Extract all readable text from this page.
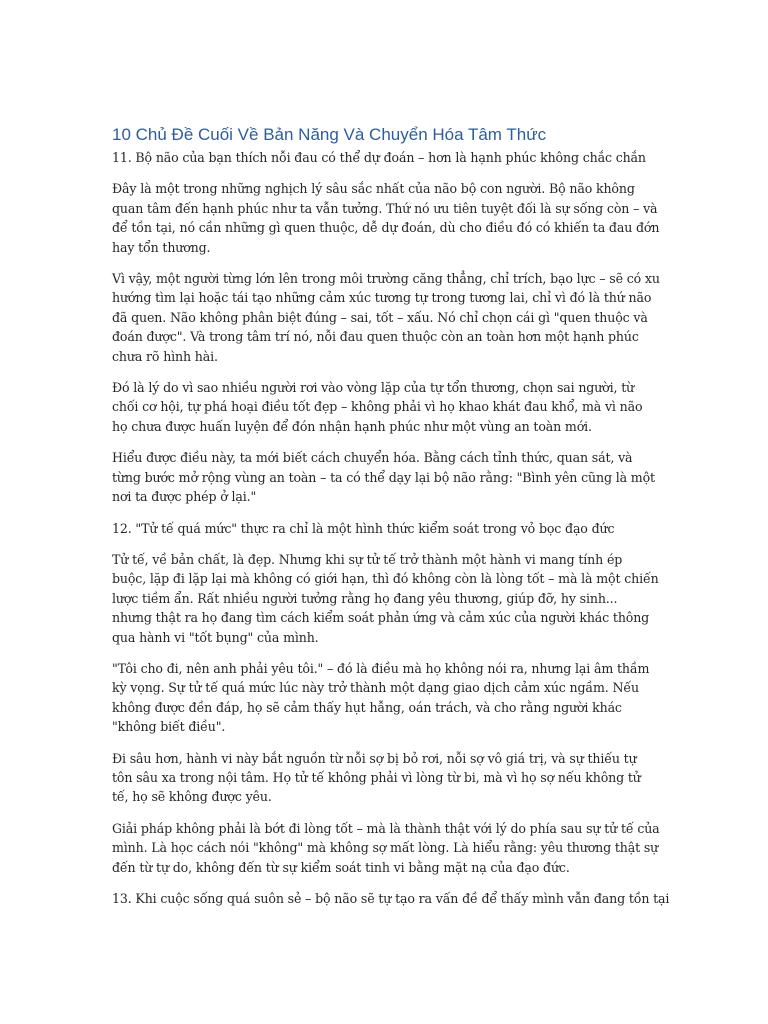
10 Chủ Đề Cuối Về Bản Năng Và Chuyển Hóa Tâm Thức

11. Bộ não của bạn thích nỗi đau có thể dự đoán – hơn là hạnh phúc không chắc chắn

Đây là một trong những nghịch lý sâu sắc nhất của não bộ con người. Bộ não không quan tâm đến hạnh phúc như ta vẫn tưởng. Thứ nó ưu tiên tuyệt đối là sự sống còn – và để tồn tại, nó cần những gì quen thuộc, dễ dự đoán, dù cho điều đó có khiến ta đau đớn hay tổn thương.

Vì vậy, một người từng lớn lên trong môi trường căng thẳng, chỉ trích, bạo lực – sẽ có xu hướng tìm lại hoặc tái tạo những cảm xúc tương tự trong tương lai, chỉ vì đó là thứ não đã quen. Não không phân biệt đúng – sai, tốt – xấu. Nó chỉ chọn cái gì "quen thuộc và đoán được". Và trong tâm trí nó, nỗi đau quen thuộc còn an toàn hơn một hạnh phúc chưa rõ hình hài.

Đó là lý do vì sao nhiều người rơi vào vòng lặp của tự tổn thương, chọn sai người, từ chối cơ hội, tự phá hoại điều tốt đẹp – không phải vì họ khao khát đau khổ, mà vì não họ chưa được huấn luyện để đón nhận hạnh phúc như một vùng an toàn mới.

Hiểu được điều này, ta mới biết cách chuyển hóa. Bằng cách tỉnh thức, quan sát, và từng bước mở rộng vùng an toàn – ta có thể dạy lại bộ não rằng: "Bình yên cũng là một nơi ta được phép ở lại."

12. "Tử tế quá mức" thực ra chỉ là một hình thức kiểm soát trong vỏ bọc đạo đức

Tử tế, về bản chất, là đẹp. Nhưng khi sự tử tế trở thành một hành vi mang tính ép buộc, lặp đi lặp lại mà không có giới hạn, thì đó không còn là lòng tốt – mà là một chiến lược tiềm ẩn. Rất nhiều người tưởng rằng họ đang yêu thương, giúp đỡ, hy sinh... nhưng thật ra họ đang tìm cách kiểm soát phản ứng và cảm xúc của người khác thông qua hành vi "tốt bụng" của mình.

"Tôi cho đi, nên anh phải yêu tôi." – đó là điều mà họ không nói ra, nhưng lại âm thầm kỳ vọng. Sự tử tế quá mức lúc này trở thành một dạng giao dịch cảm xúc ngầm. Nếu không được đền đáp, họ sẽ cảm thấy hụt hẫng, oán trách, và cho rằng người khác "không biết điều".

Đi sâu hơn, hành vi này bắt nguồn từ nỗi sợ bị bỏ rơi, nỗi sợ vô giá trị, và sự thiếu tự tôn sâu xa trong nội tâm. Họ tử tế không phải vì lòng từ bi, mà vì họ sợ nếu không tử tế, họ sẽ không được yêu.

Giải pháp không phải là bớt đi lòng tốt – mà là thành thật với lý do phía sau sự tử tế của mình. Là học cách nói "không" mà không sợ mất lòng. Là hiểu rằng: yêu thương thật sự đến từ tự do, không đến từ sự kiểm soát tinh vi bằng mặt nạ của đạo đức.

13. Khi cuộc sống quá suôn sẻ – bộ não sẽ tự tạo ra vấn đề để thấy mình vẫn đang tồn tại
